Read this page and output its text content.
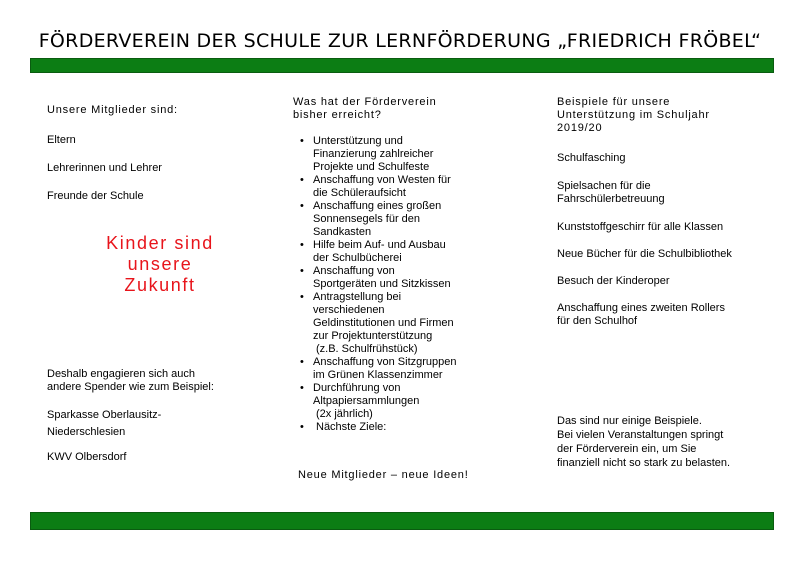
FÖRDERVEREIN DER SCHULE ZUR LERNFÖRDERUNG „FRIEDRICH FRÖBEL“
Unsere Mitglieder sind:
Eltern
Lehrerinnen und Lehrer
Freunde der Schule
Kinder sind
unsere
Zukunft
Deshalb engagieren sich auch
andere Spender wie zum Beispiel:
Sparkasse Oberlausitz-
Niederschlesien
KWV Olbersdorf
Was hat der Förderverein
bisher erreicht?
• Unterstützung und
Finanzierung zahlreicher
Projekte und Schulfeste
• Anschaffung von Westen für
die Schüleraufsicht
• Anschaffung eines großen
Sonnensegels für den
Sandkasten
• Hilfe beim Auf- und Ausbau
der Schulbücherei
• Anschaffung von
Sportgeräten und Sitzkissen
• Antragstellung bei
verschiedenen
Geldinstitutionen und Firmen
zur Projektunterstützung
(z.B. Schulfrühstück)
• Anschaffung von Sitzgruppen
im Grünen Klassenzimmer
• Durchführung von
Altpapiersammlungen
(2x jährlich)
• Nächste Ziele:
Neue Mitglieder – neue Ideen!
Beispiele für unsere
Unterstützung im Schuljahr
2019/20
Schulfasching
Spielsachen für die
Fahrschülerbetreuung
Kunststoffgeschirr für alle Klassen
Neue Bücher für die Schulbibliothek
Besuch der Kinderoper
Anschaffung eines zweiten Rollers
für den Schulhof
Das sind nur einige Beispiele.
Bei vielen Veranstaltungen springt
der Förderverein ein, um Sie
finanziell nicht so stark zu belasten.
